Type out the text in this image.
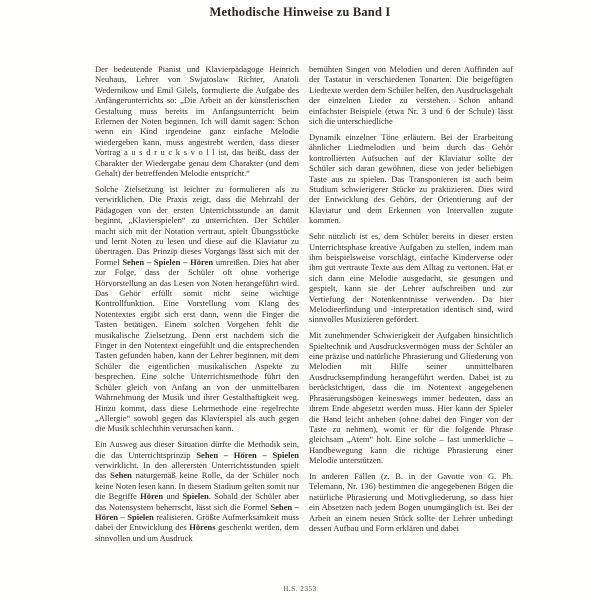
Methodische Hinweise zu Band I

Der bedeutende Pianist und Klavierpädagoge Heinrich Neuhaus, Lehrer von Swjatoslaw Richter, Anatoli Wedernikow und Emil Gilels, formulierte die Aufgabe des Anfängerunterrichts so: „Die Arbeit an der künstlerischen Gestaltung muss bereits im Anfangsunterricht beim Erlernen der Noten beginnen. Ich will damit sagen: Schon wenn ein Kind irgendeine ganz einfache Melodie wiedergeben kann, muss angestrebt werden, dass dieser Vortrag a u s d r u c k s v o l l ist, das heißt, dass der Charakter der Wiedergabe genau dem Charakter (und dem Gehalt) der betreffenden Melodie entspricht.“

Solche Zielsetzung ist leichter zu formulieren als zu verwirklichen. Die Praxis zeigt, dass die Mehrzahl der Pädagogen von der ersten Unterrichtsstunde an damit beginnt, „Klavierspielen“ zu unterrichten. Der Schüler macht sich mit der Notation vertraut, spielt Übungsstücke und lernt Noten zu lesen und diese auf die Klaviatur zu übertragen. Das Prinzip dieses Vorgangs lässt sich mit der Formel Sehen – Spielen – Hören umreißen. Dies hat aber zur Folge, dass der Schüler oft ohne vorherige Hörvorstellung an das Lesen von Noten herangeführt wird. Das Gehör erfüllt somit nicht seine wichtige Kontrollfunktion. Eine Vorstellung vom Klang des Notentextes ergibt sich erst dann, wenn die Finger die Tasten betätigen. Einem solchen Vorgehen fehlt die musikalische Zielsetzung. Denn erst nachdem sich die Finger in den Notentext eingefühlt und die entsprechenden Tasten gefunden haben, kann der Lehrer beginnen, mit dem Schüler die eigentlichen musikalischen Aspekte zu besprechen. Eine solche Unterrichtsmethode führt den Schüler gleich von Anfang an von der unmittelbaren Wahrnehmung der Musik und ihrer Gestalthaftigkeit weg. Hinzu kommt, dass diese Lehrmethode eine regelrechte „Allergie“ sowohl gegen das Klavierspiel als auch gegen die Musik schlechthin verursachen kann.

Ein Ausweg aus dieser Situation dürfte die Methodik sein, die das Unterrichtsprinzip Sehen – Hören – Spielen verwirklicht. In den allerersten Unterrichtsstunden spielt das Sehen naturgemäß keine Rolle, da der Schüler noch keine Noten lesen kann. In diesem Stadium gelten somit nur die Begriffe Hören und Spielen. Sobald der Schüler aber das Notensystem beherrscht, lässt sich die Formel Sehen – Hören – Spielen realisieren. Größte Aufmerksamkeit muss dabei der Entwicklung des Hörens geschenkt werden, dem sinnvollen und um Ausdruck

bemühten Singen von Melodien und deren Auffinden auf der Tastatur in verschiedenen Tonarten. Die beigefügten Liedtexte werden dem Schüler helfen, den Ausdrucksgehalt der einzelnen Lieder zu verstehen. Schon anhand einfachster Beispiele (etwa Nr. 3 und 6 der Schule) lässt sich die unterschiedliche

Dynamik einzelner Töne erläutern. Bei der Erarbeitung ähnlicher Liedmelodien und beim durch das Gehör kontrollierten Aufsuchen auf der Klaviatur sollte der Schüler sich daran gewöhnen, diese von jeder beliebigen Taste aus zu spielen. Das Transponieren ist auch beim Studium schwierigerer Stücke zu praktizieren. Dies wird der Entwicklung des Gehörs, der Orientierung auf der Klaviatur und dem Erkennen von Intervallen zugute kommen.

Sehr nützlich ist es, dem Schüler bereits in dieser ersten Unterrichtsphase kreative Aufgaben zu stellen, indem man ihm beispielsweise vorschlägt, einfache Kinderverse oder ihm gut vertraute Texte aus dem Alltag zu vertonen. Hat er sich dann eine Melodie ausgedacht, sie gesungen und gespielt, kann sie der Lehrer aufschreiben und zur Vertiefung der Notenkenntnisse verwenden. Da hier Melodieerfindung und -interpretation identisch sind, wird sinnvolles Musizieren gefördert.

Mit zunehmender Schwierigkeit der Aufgaben hinsichtlich Spieltechnik und Ausdrucksvermögen muss der Schüler an eine präzise und natürliche Phrasierung und Gliederung von Melodien mit Hilfe seiner unmittelbaren Ausdrucksempfindung herangeführt werden. Dabei ist zu berücksichtigen, dass die im Notentext angegebenen Phrasierungsbögen keineswegs immer bedeuten, dass an ihrem Ende abgesetzt werden muss. Hier kann der Spieler die Hand leicht anheben (ohne dabei den Finger von der Taste zu nehmen), womit er für die folgende Phrase gleichsam „Atem“ holt. Eine solche – fast unmerkliche – Handbewegung kann die richtige Phrasierung einer Melodie unterstützen.

In anderen Fällen (z. B. in der Gavotte von G. Ph. Telemann, Nr. 136) bestimmen die angegebenen Bögen die natürliche Phrasierung und Motivgliederung, so dass hier ein Absetzen nach jedem Bogen unumgänglich ist. Bei der Arbeit an einem neuen Stück sollte der Lehrer unbedingt dessen Aufbau und Form erklären und dabei

H.S. 2353
